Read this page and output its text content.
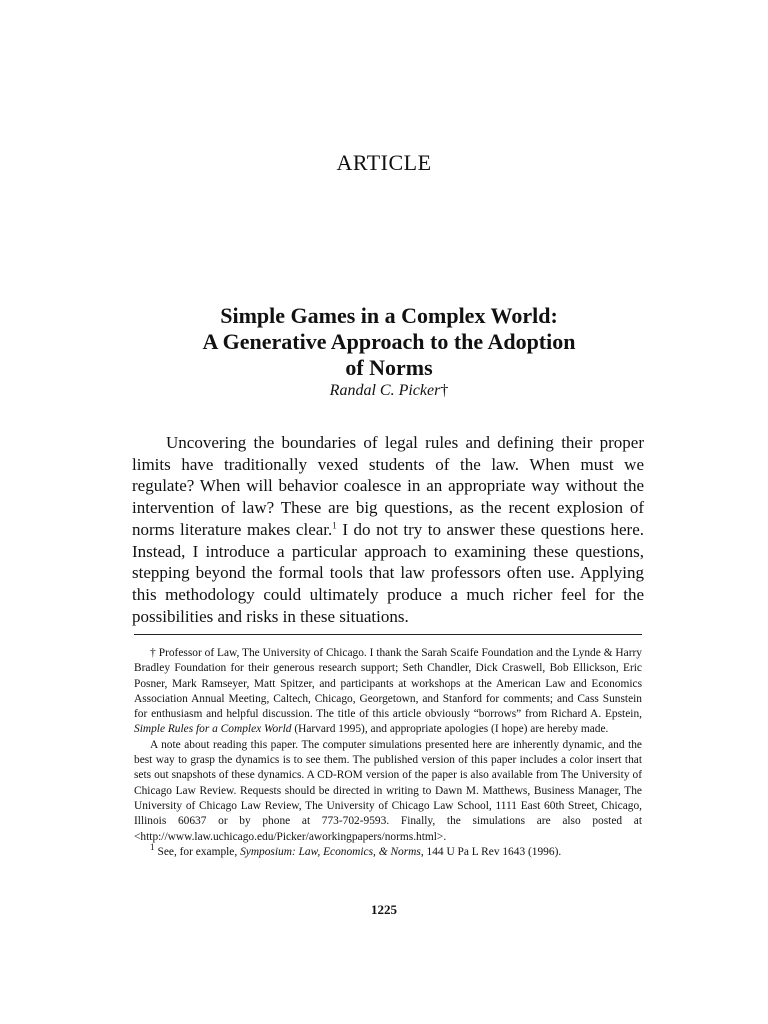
ARTICLE
Simple Games in a Complex World:
A Generative Approach to the Adoption
of Norms
Randal C. Picker†

Uncovering the boundaries of legal rules and defining their proper limits have traditionally vexed students of the law. When must we regulate? When will behavior coalesce in an appropriate way without the intervention of law? These are big questions, as the recent explosion of norms literature makes clear.$^1$ I do not try to answer these questions here. Instead, I introduce a particular approach to examining these questions, stepping beyond the formal tools that law professors often use. Applying this methodology could ultimately produce a much richer feel for the possibilities and risks in these situations.

† Professor of Law, The University of Chicago. I thank the Sarah Scaife Foundation and the Lynde & Harry Bradley Foundation for their generous research support; Seth Chandler, Dick Craswell, Bob Ellickson, Eric Posner, Mark Ramseyer, Matt Spitzer, and participants at workshops at the American Law and Economics Association Annual Meeting, Caltech, Chicago, Georgetown, and Stanford for comments; and Cass Sunstein for enthusiasm and helpful discussion. The title of this article obviously “borrows” from Richard A. Epstein, Simple Rules for a Complex World (Harvard 1995), and appropriate apologies (I hope) are hereby made.

A note about reading this paper. The computer simulations presented here are inherently dynamic, and the best way to grasp the dynamics is to see them. The published version of this paper includes a color insert that sets out snapshots of these dynamics. A CD-ROM version of the paper is also available from The University of Chicago Law Review. Requests should be directed in writing to Dawn M. Matthews, Business Manager, The University of Chicago Law Review, The University of Chicago Law School, 1111 East 60th Street, Chicago, Illinois 60637 or by phone at 773-702-9593. Finally, the simulations are also posted at <http://www.law.uchicago.edu/Picker/aworkingpapers/norms.html>.

$^1$ See, for example, Symposium: Law, Economics, & Norms, 144 U Pa L Rev 1643 (1996).

1225
